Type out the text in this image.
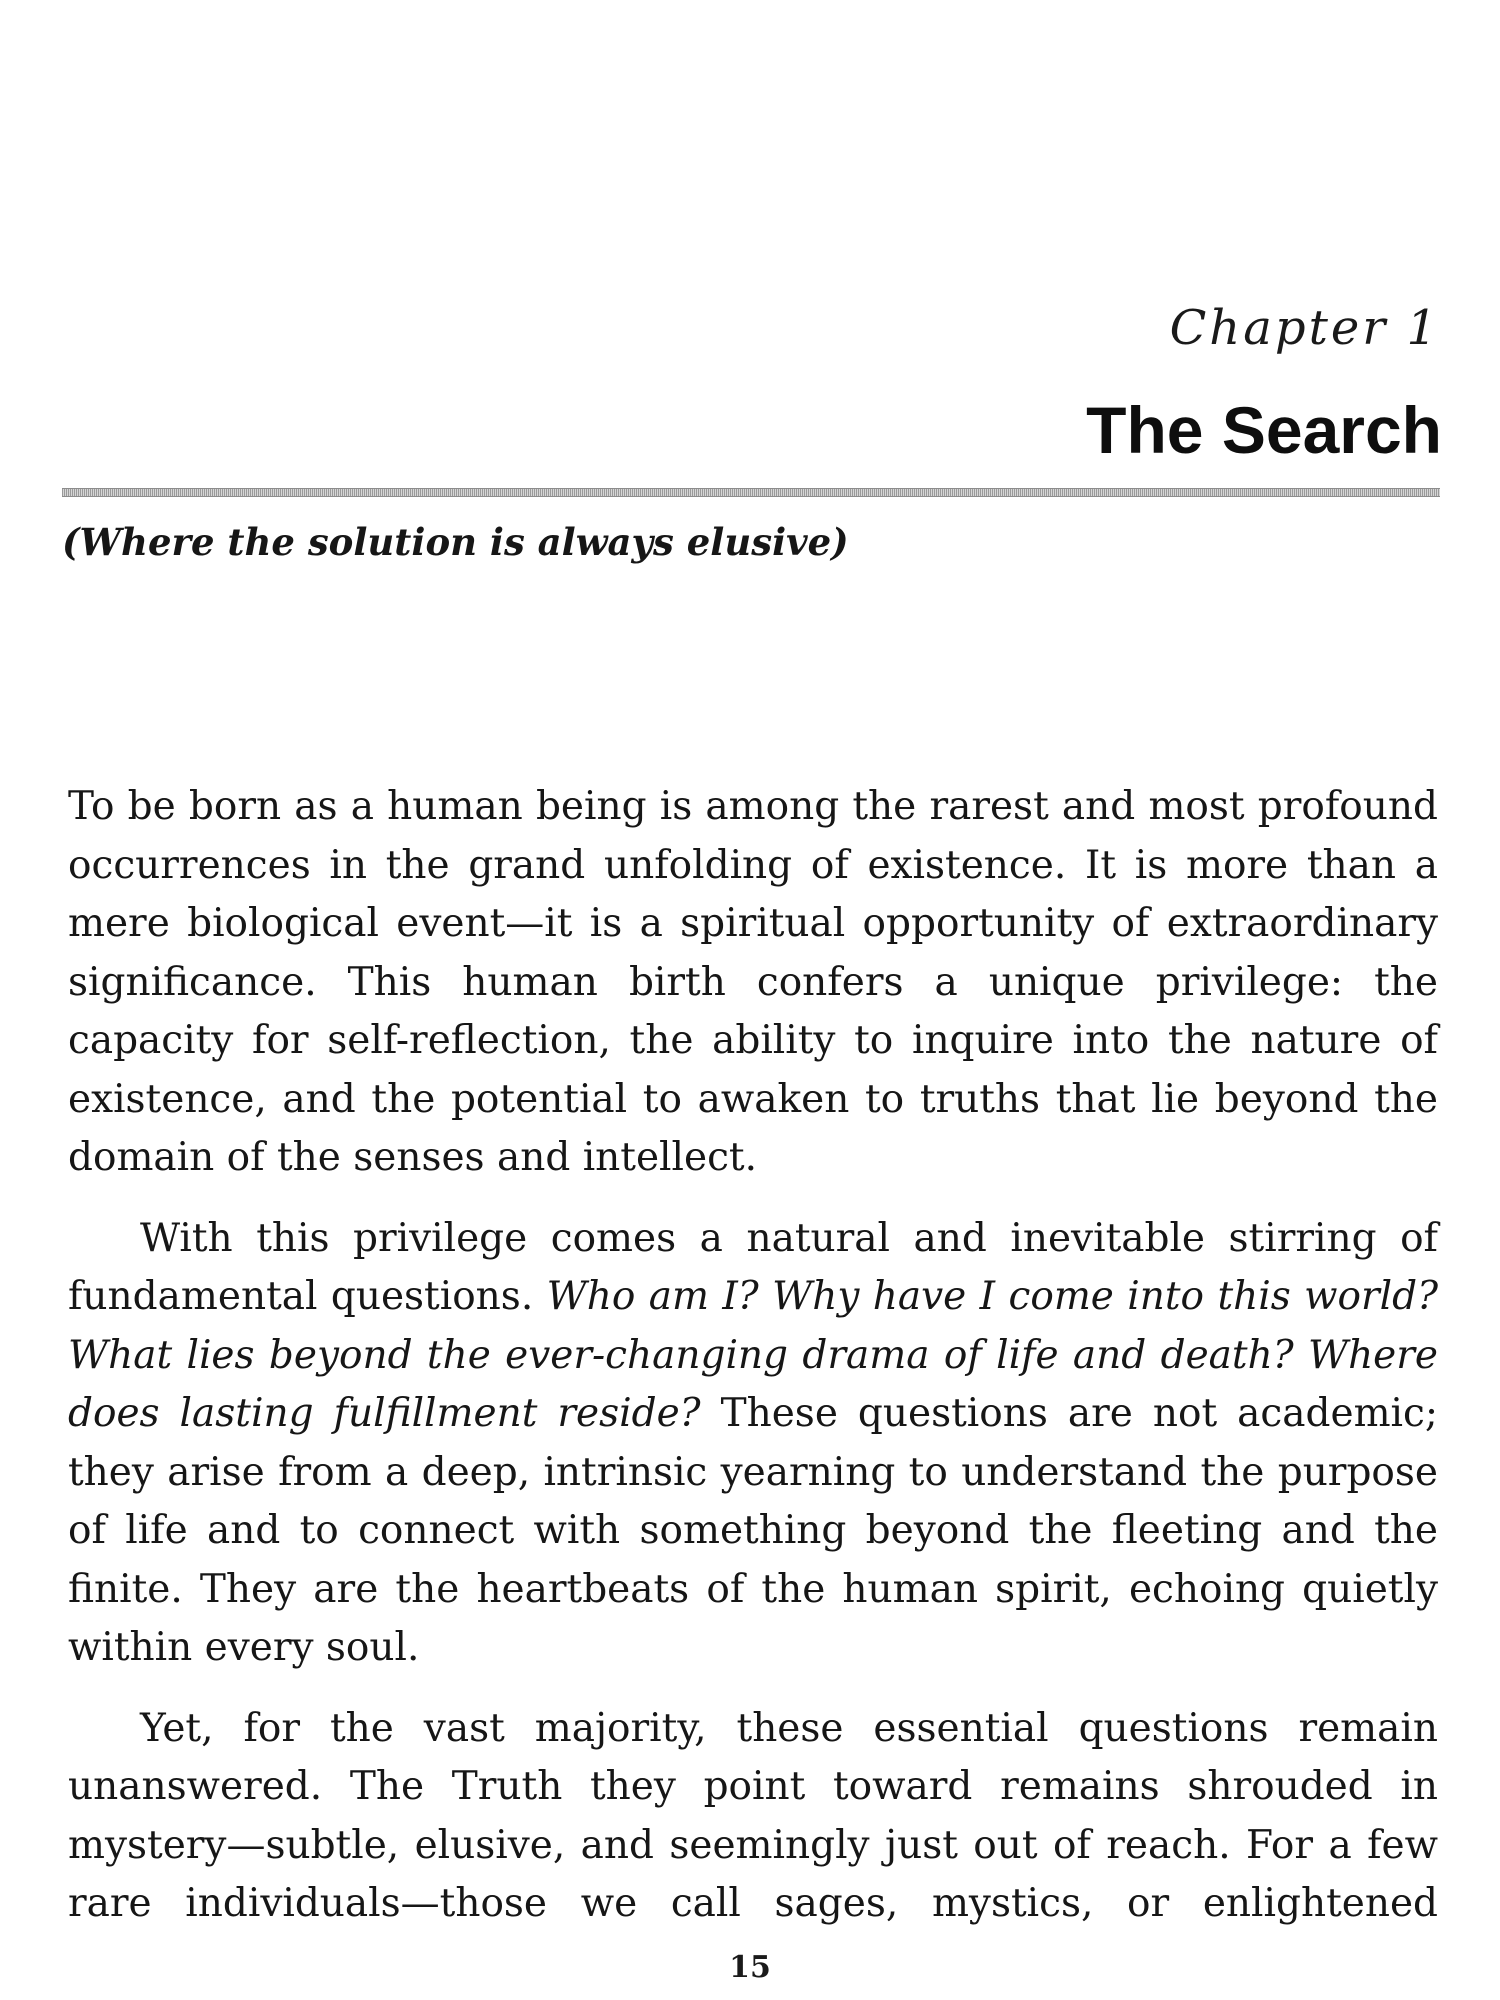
Chapter 1
The Search
(Where the solution is always elusive)

To be born as a human being is among the rarest and most profound occurrences in the grand unfolding of existence. It is more than a mere biological event—it is a spiritual opportunity of extraordinary significance. This human birth confers a unique privilege: the capacity for self-reflection, the ability to inquire into the nature of existence, and the potential to awaken to truths that lie beyond the domain of the senses and intellect.

With this privilege comes a natural and inevitable stirring of fundamental questions. Who am I? Why have I come into this world? What lies beyond the ever-changing drama of life and death? Where does lasting fulfillment reside? These questions are not academic; they arise from a deep, intrinsic yearning to understand the purpose of life and to connect with something beyond the fleeting and the finite. They are the heartbeats of the human spirit, echoing quietly within every soul.

Yet, for the vast majority, these essential questions remain unanswered. The Truth they point toward remains shrouded in mystery—subtle, elusive, and seemingly just out of reach. For a few rare individuals—those we call sages, mystics, or enlightened

15
